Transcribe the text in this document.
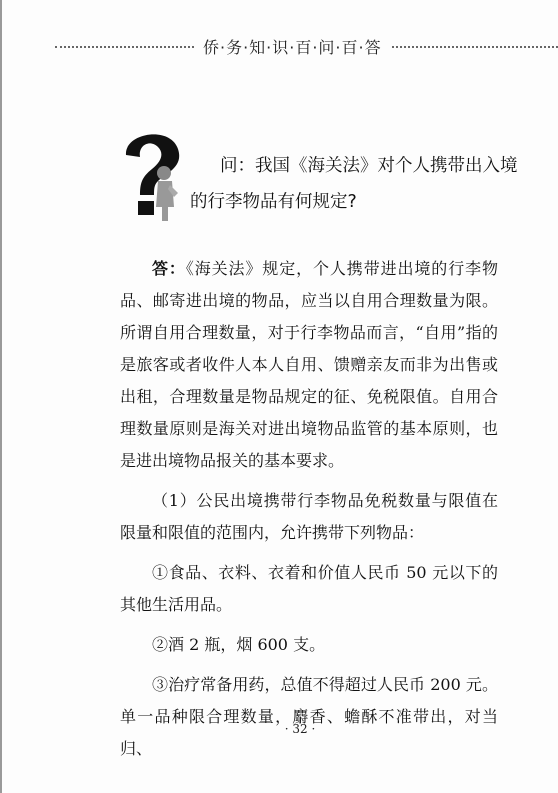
侨·务·知·识·百·问·百·答
问：我国《海关法》对个人携带出入境
的行李物品有何规定?

答：《海关法》规定，个人携带进出境的行李物品、邮寄进出境的物品，应当以自用合理数量为限。所谓自用合理数量，对于行李物品而言，“自用”指的是旅客或者收件人本人自用、馈赠亲友而非为出售或出租，合理数量是物品规定的征、免税限值。自用合理数量原则是海关对进出境物品监管的基本原则，也是进出境物品报关的基本要求。

（1）公民出境携带行李物品免税数量与限值在限量和限值的范围内，允许携带下列物品：

①食品、衣料、衣着和价值人民币 50 元以下的其他生活用品。

②酒 2 瓶，烟 600 支。

③治疗常备用药，总值不得超过人民币 200 元。单一品种限合理数量，麝香、蟾酥不准带出，对当归、

· 32 ·
